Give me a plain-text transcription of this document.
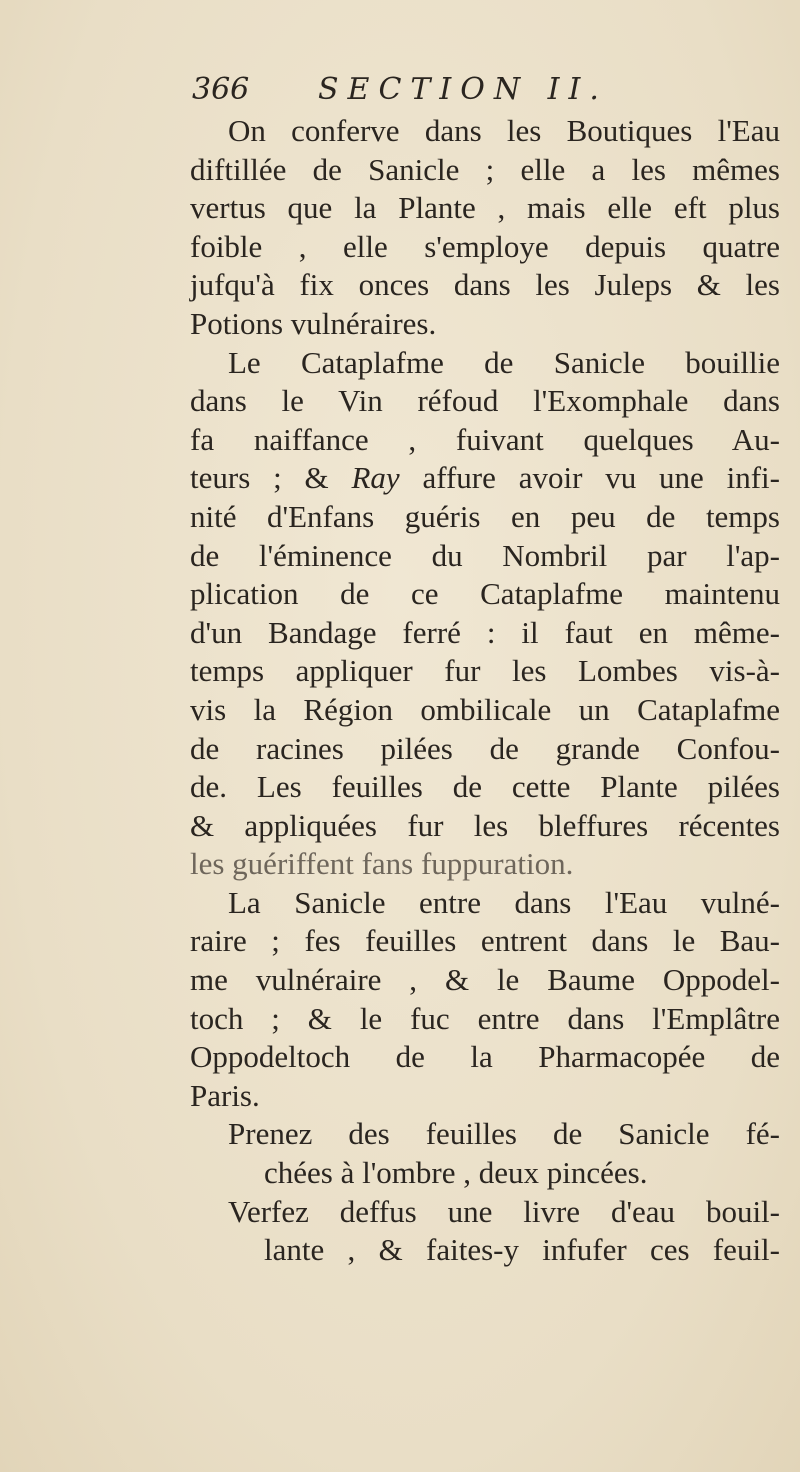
366 SECTION II.

On conferve dans les Boutiques l'Eau
diftillée de Sanicle ; elle a les mêmes
vertus que la Plante , mais elle eft plus
foible , elle s'employe depuis quatre
jufqu'à fix onces dans les Juleps & les
Potions vulnéraires.

Le Cataplafme de Sanicle bouillie
dans le Vin réfoud l'Exomphale dans
fa naiffance , fuivant quelques Au-
teurs ; & Ray affure avoir vu une infi-
nité d'Enfans guéris en peu de temps
de l'éminence du Nombril par l'ap-
plication de ce Cataplafme maintenu
d'un Bandage ferré : il faut en même-
temps appliquer fur les Lombes vis-à-
vis la Région ombilicale un Cataplafme
de racines pilées de grande Confou-
de. Les feuilles de cette Plante pilées
& appliquées fur les bleffures récentes
les guériffent fans fuppuration.

La Sanicle entre dans l'Eau vulné-
raire ; fes feuilles entrent dans le Bau-
me vulnéraire , & le Baume Oppodel-
toch ; & le fuc entre dans l'Emplâtre
Oppodeltoch de la Pharmacopée de
Paris.

Prenez des feuilles de Sanicle fé-
chées à l'ombre , deux pincées.

Verfez deffus une livre d'eau bouil-
lante , & faites-y infufer ces feuil-
